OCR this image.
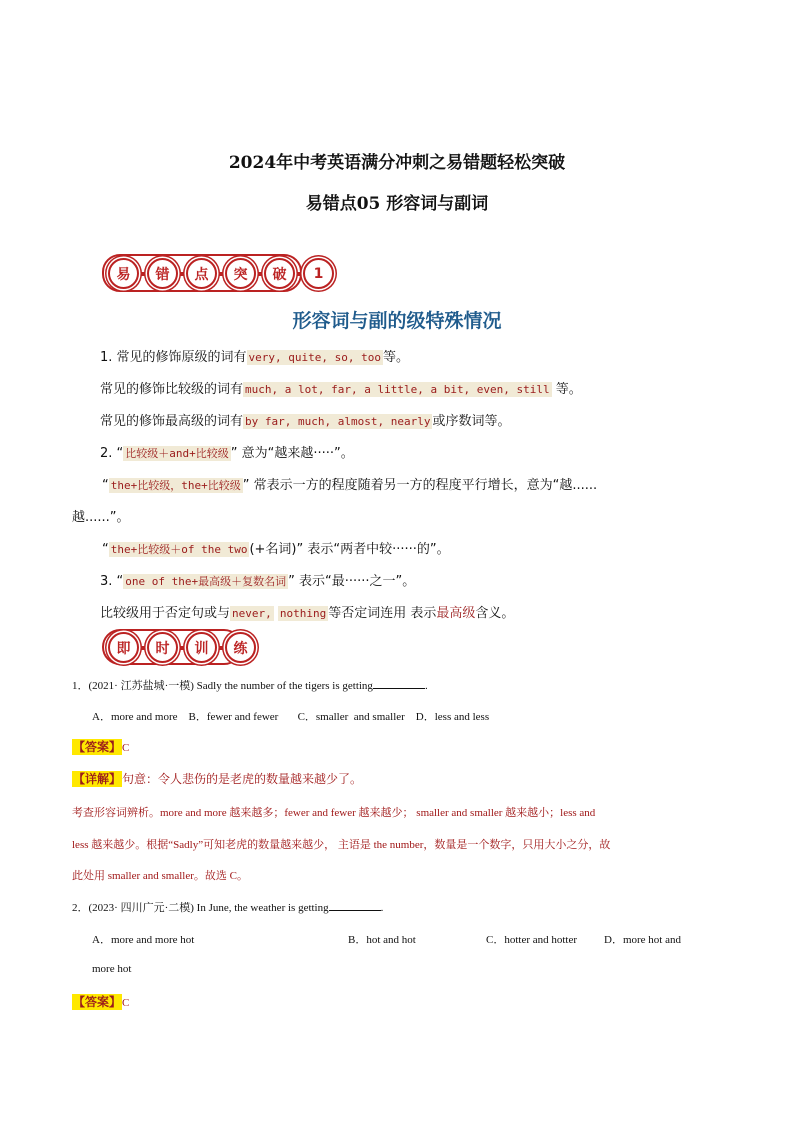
2024年中考英语满分冲刺之易错题轻松突破
易错点05 形容词与副词
易	错	点	突	破	1
形容词与副的级特殊情况
1. 常见的修饰原级的词有 very, quite, so, too 等。
常见的修饰比较级的词有 much, a lot, far, a little, a bit, even, still 等。
常见的修饰最高级的词有 by far, much, almost, nearly 或序数词等。
2. “ 比较级＋and+比较级 ” 意为“越来越·····”。
“ the+比较级，the+比较级 ” 常表示一方的程度随着另一方的程度平行增长，意为“越......
越......”。
“ the+比较级＋of the two (+名词)” 表示“两者中较······的”。
3. “ one of the+最高级＋复数名词 ” 表示“最······之一”。
比较级用于否定句或与 never, nothing 等否定词连用 表示最高级含义。
即	时	训	练
1．(2021· 江苏盐城·一模) Sadly the number of the tigers is getting	.
A．more and more    B．fewer and fewer       C．smaller  and smaller    D．less and less
【答案】C
【详解】句意：令人悲伤的是老虎的数量越来越少了。
考查形容词辨析。more and more 越来越多；fewer and fewer 越来越少； smaller and smaller 越来越小；less and
less 越来越少。根据“Sadly”可知老虎的数量越来越少， 主语是 the number，数量是一个数字，只用大小之分，故
此处用 smaller and smaller。故选 C。
2．(2023· 四川广元·二模) In June, the weather is getting	.
A．more and more hot	B．hot and hot	C．hotter and hotter D．more hot and
more hot
【答案】C
